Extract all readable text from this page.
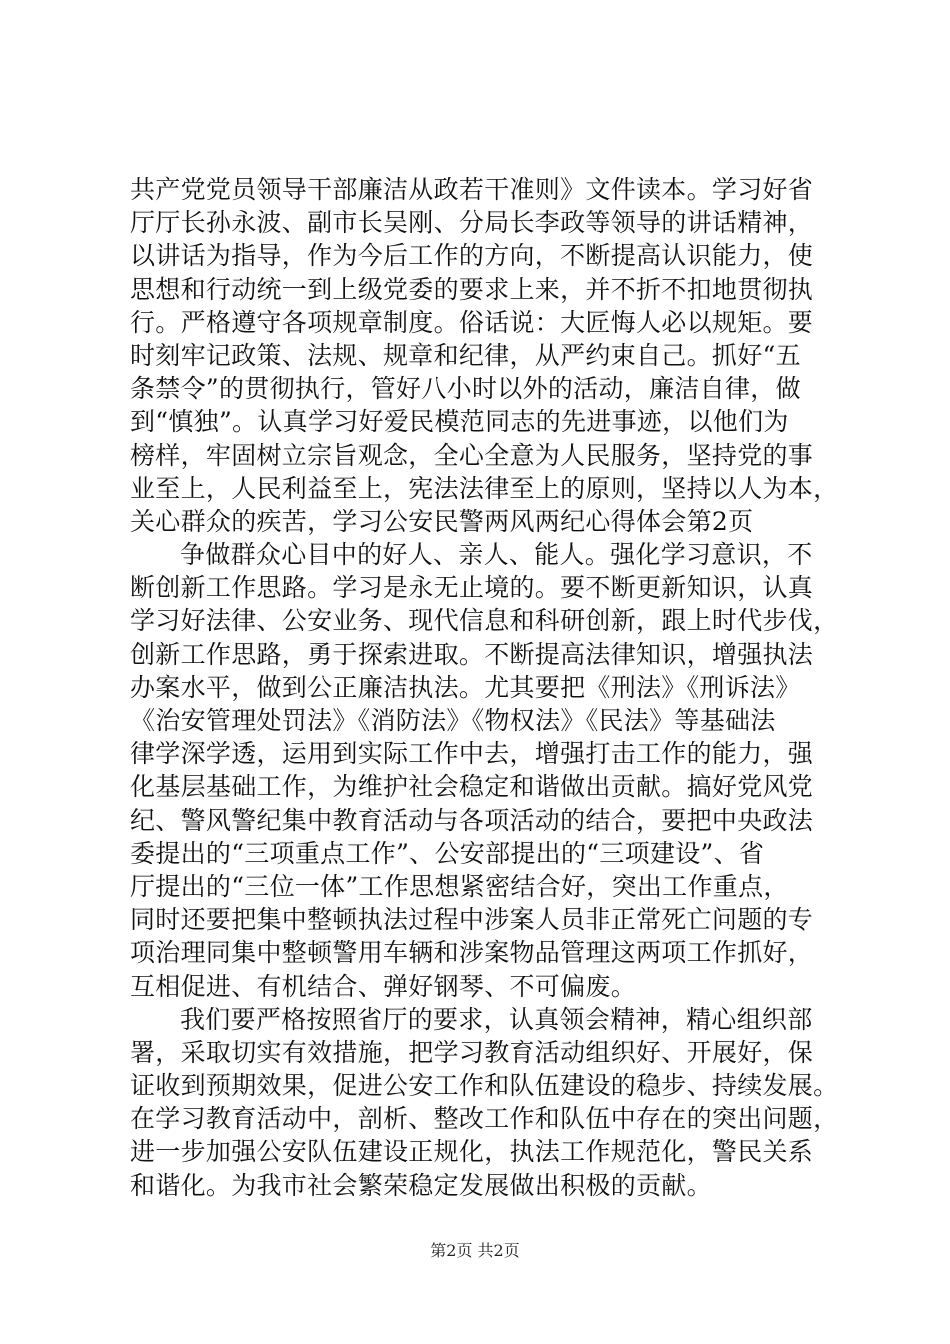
共产党党员领导干部廉洁从政若干准则》文件读本。学习好省
厅厅长孙永波、副市长吴刚、分局长李政等领导的讲话精神，
以讲话为指导，作为今后工作的方向，不断提高认识能力，使
思想和行动统一到上级党委的要求上来，并不折不扣地贯彻执
行。严格遵守各项规章制度。俗话说：大匠悔人必以规矩。要
时刻牢记政策、法规、规章和纪律，从严约束自己。抓好“五
条禁令”的贯彻执行，管好八小时以外的活动，廉洁自律，做
到“慎独”。认真学习好爱民模范同志的先进事迹，以他们为
榜样，牢固树立宗旨观念，全心全意为人民服务，坚持党的事
业至上，人民利益至上，宪法法律至上的原则，坚持以人为本，
关心群众的疾苦，学习公安民警两风两纪心得体会第2页
争做群众心目中的好人、亲人、能人。强化学习意识，不
断创新工作思路。学习是永无止境的。要不断更新知识，认真
学习好法律、公安业务、现代信息和科研创新，跟上时代步伐，
创新工作思路，勇于探索进取。不断提高法律知识，增强执法
办案水平，做到公正廉洁执法。尤其要把《刑法》《刑诉法》
《治安管理处罚法》《消防法》《物权法》《民法》等基础法
律学深学透，运用到实际工作中去，增强打击工作的能力，强
化基层基础工作，为维护社会稳定和谐做出贡献。搞好党风党
纪、警风警纪集中教育活动与各项活动的结合，要把中央政法
委提出的“三项重点工作”、公安部提出的“三项建设”、省
厅提出的“三位一体”工作思想紧密结合好，突出工作重点，
同时还要把集中整顿执法过程中涉案人员非正常死亡问题的专
项治理同集中整顿警用车辆和涉案物品管理这两项工作抓好，
互相促进、有机结合、弹好钢琴、不可偏废。
我们要严格按照省厅的要求，认真领会精神，精心组织部
署，采取切实有效措施，把学习教育活动组织好、开展好，保
证收到预期效果，促进公安工作和队伍建设的稳步、持续发展。
在学习教育活动中，剖析、整改工作和队伍中存在的突出问题，
进一步加强公安队伍建设正规化，执法工作规范化，警民关系
和谐化。为我市社会繁荣稳定发展做出积极的贡献。
第2页 共2页
